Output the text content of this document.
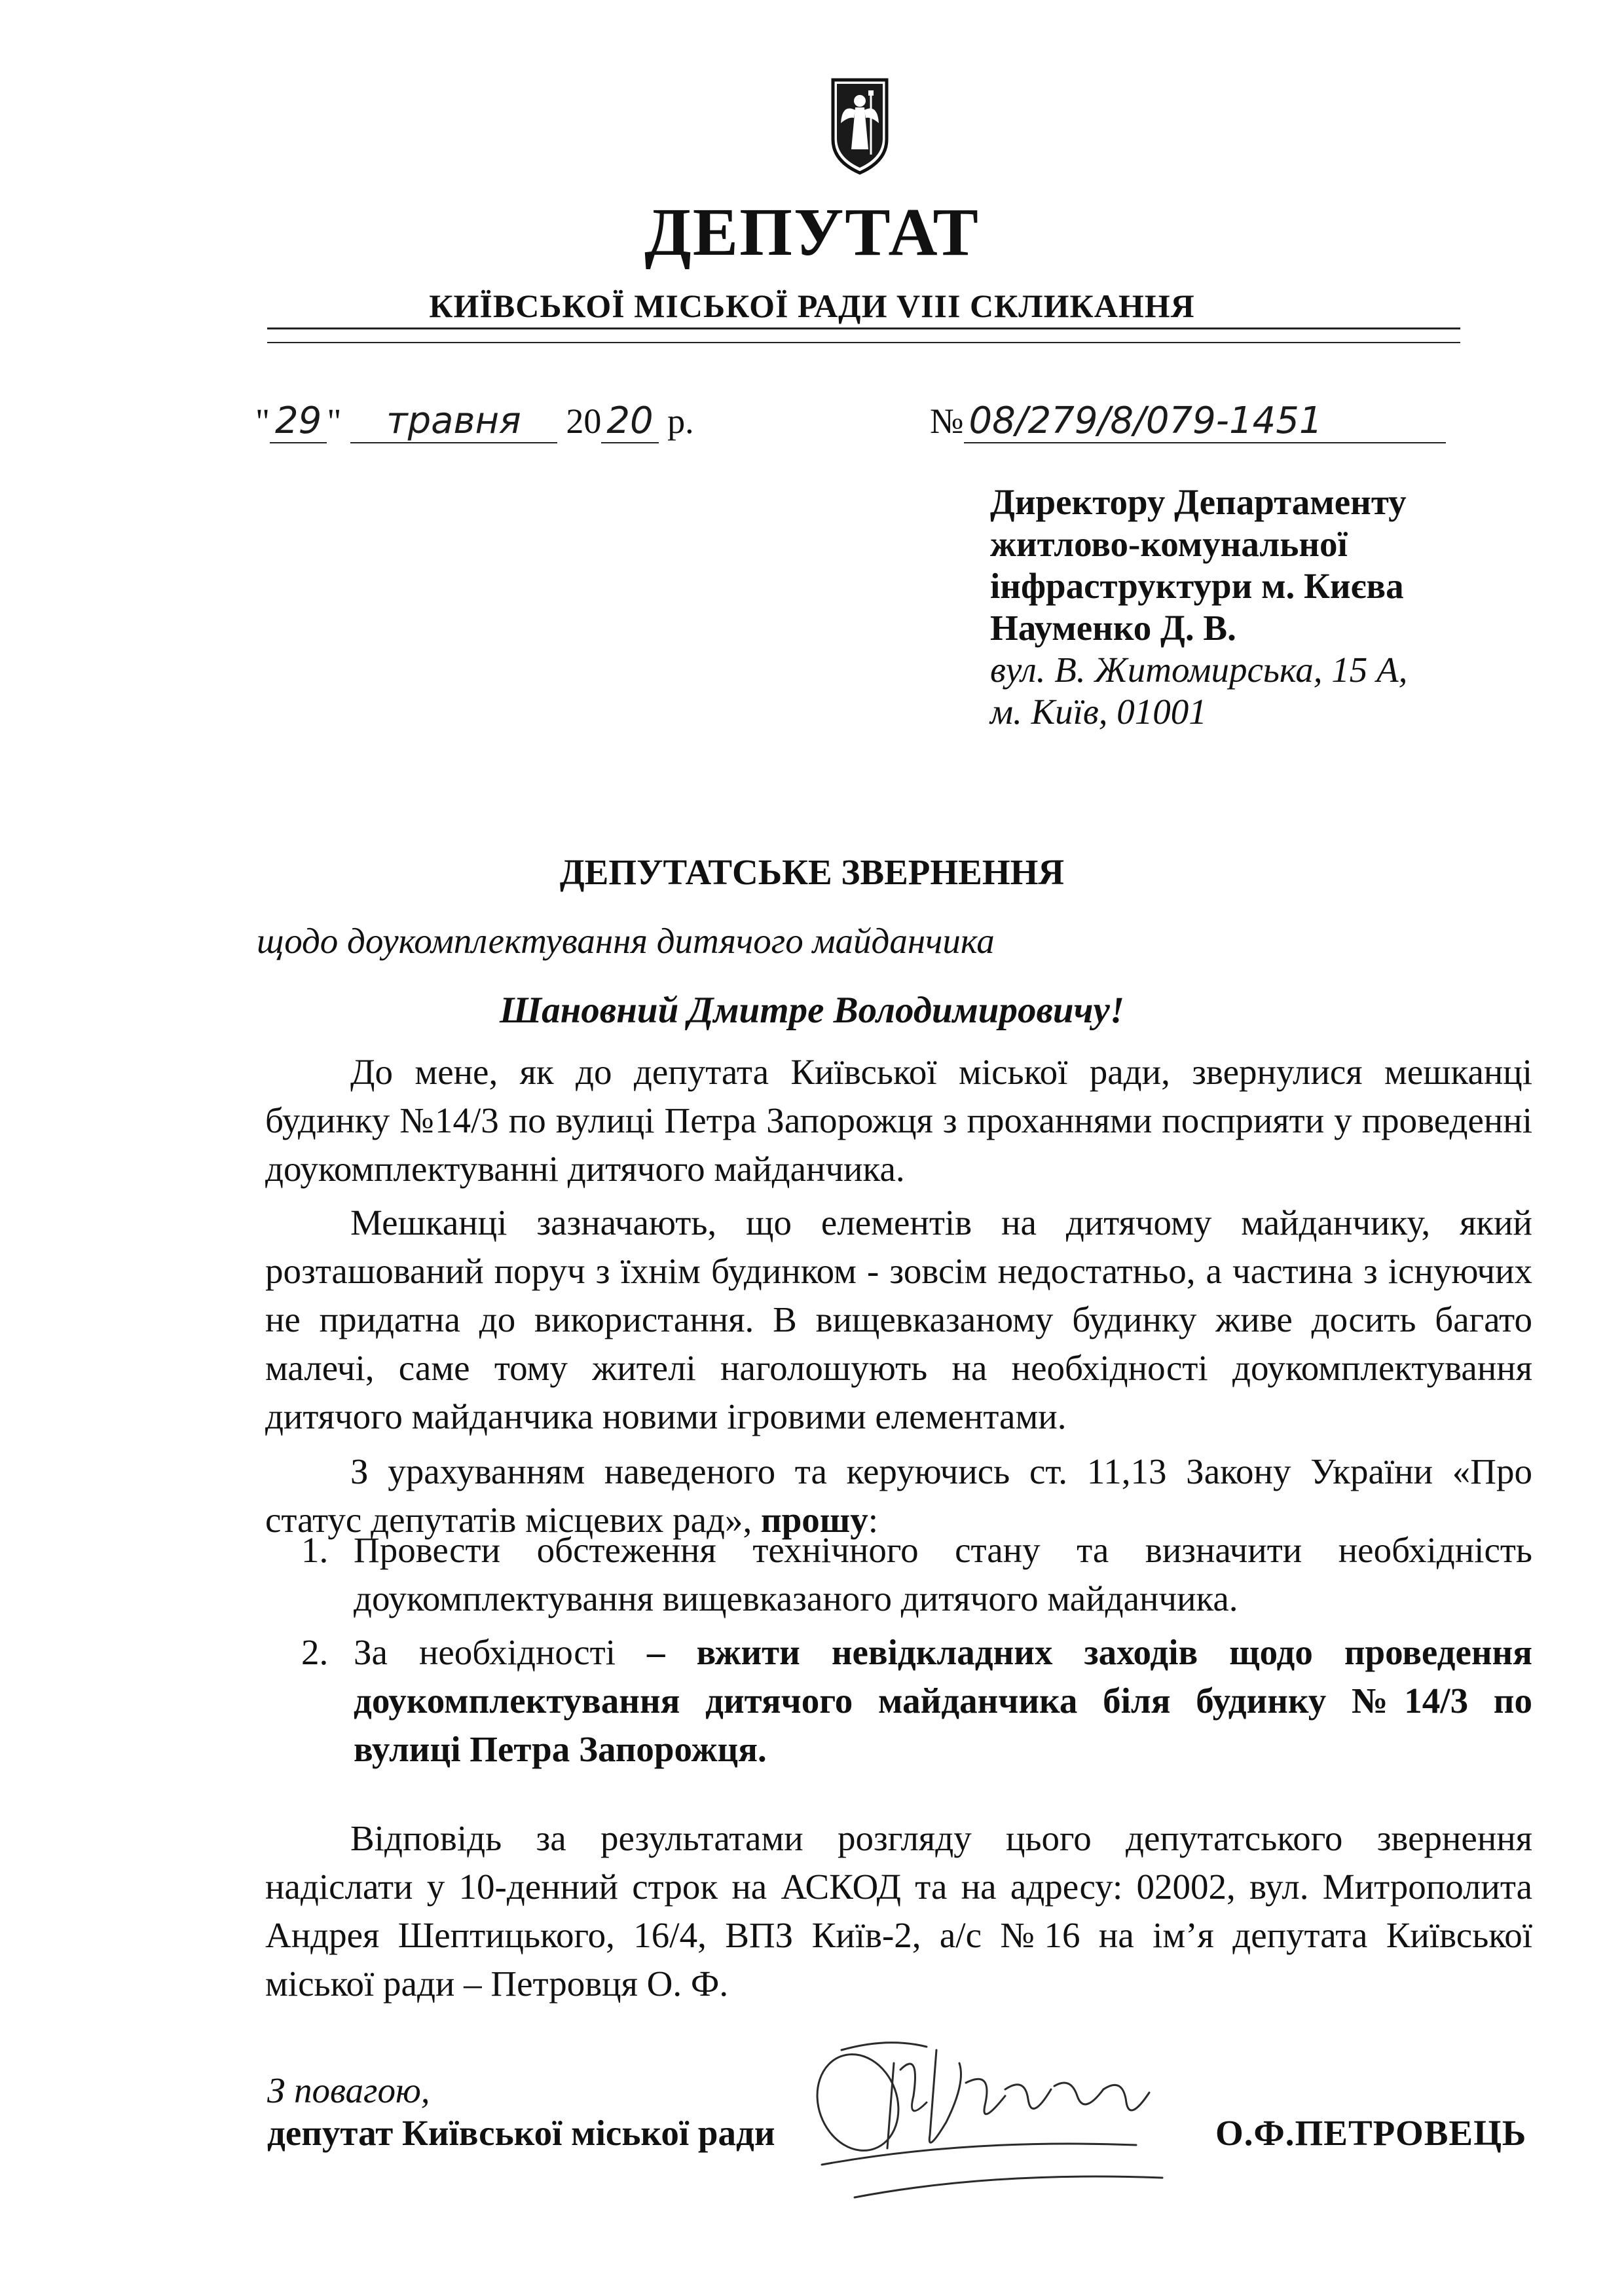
ДЕПУТАТ
КИЇВСЬКОЇ МІСЬКОЇ РАДИ VIII СКЛИКАННЯ
" 29 " травня 20 20 р.	№ 08/279/8/079-1451
Директору Департаменту
житлово-комунальної
інфраструктури м. Києва
Науменко Д. В.
вул. В. Житомирська, 15 А,
м. Київ, 01001
ДЕПУТАТСЬКЕ ЗВЕРНЕННЯ
щодо доукомплектування дитячого майданчика
Шановний Дмитре Володимировичу!
До мене, як до депутата Київської міської ради, звернулися мешканці будинку №14/3 по вулиці Петра Запорожця з проханнями посприяти у проведенні доукомплектуванні дитячого майданчика.
Мешканці зазначають, що елементів на дитячому майданчику, який розташований поруч з їхнім будинком - зовсім недостатньо, а частина з існуючих не придатна до використання. В вищевказаному будинку живе досить багато малечі, саме тому жителі наголошують на необхідності доукомплектування дитячого майданчика новими ігровими елементами.
З урахуванням наведеного та керуючись ст. 11,13 Закону України «Про статус депутатів місцевих рад», прошу:
1. Провести обстеження технічного стану та визначити необхідність доукомплектування вищевказаного дитячого майданчика.
2. За необхідності – вжити невідкладних заходів щодо проведення доукомплектування дитячого майданчика біля будинку №14/3 по вулиці Петра Запорожця.
Відповідь за результатами розгляду цього депутатського звернення надіслати у 10-денний строк на АСКОД та на адресу: 02002, вул. Митрополита Андрея Шептицького, 16/4, ВПЗ Київ-2, а/с №16 на ім’я депутата Київської міської ради – Петровця О. Ф.
З повагою,
депутат Київської міської ради	О.Ф.ПЕТРОВЕЦЬ
